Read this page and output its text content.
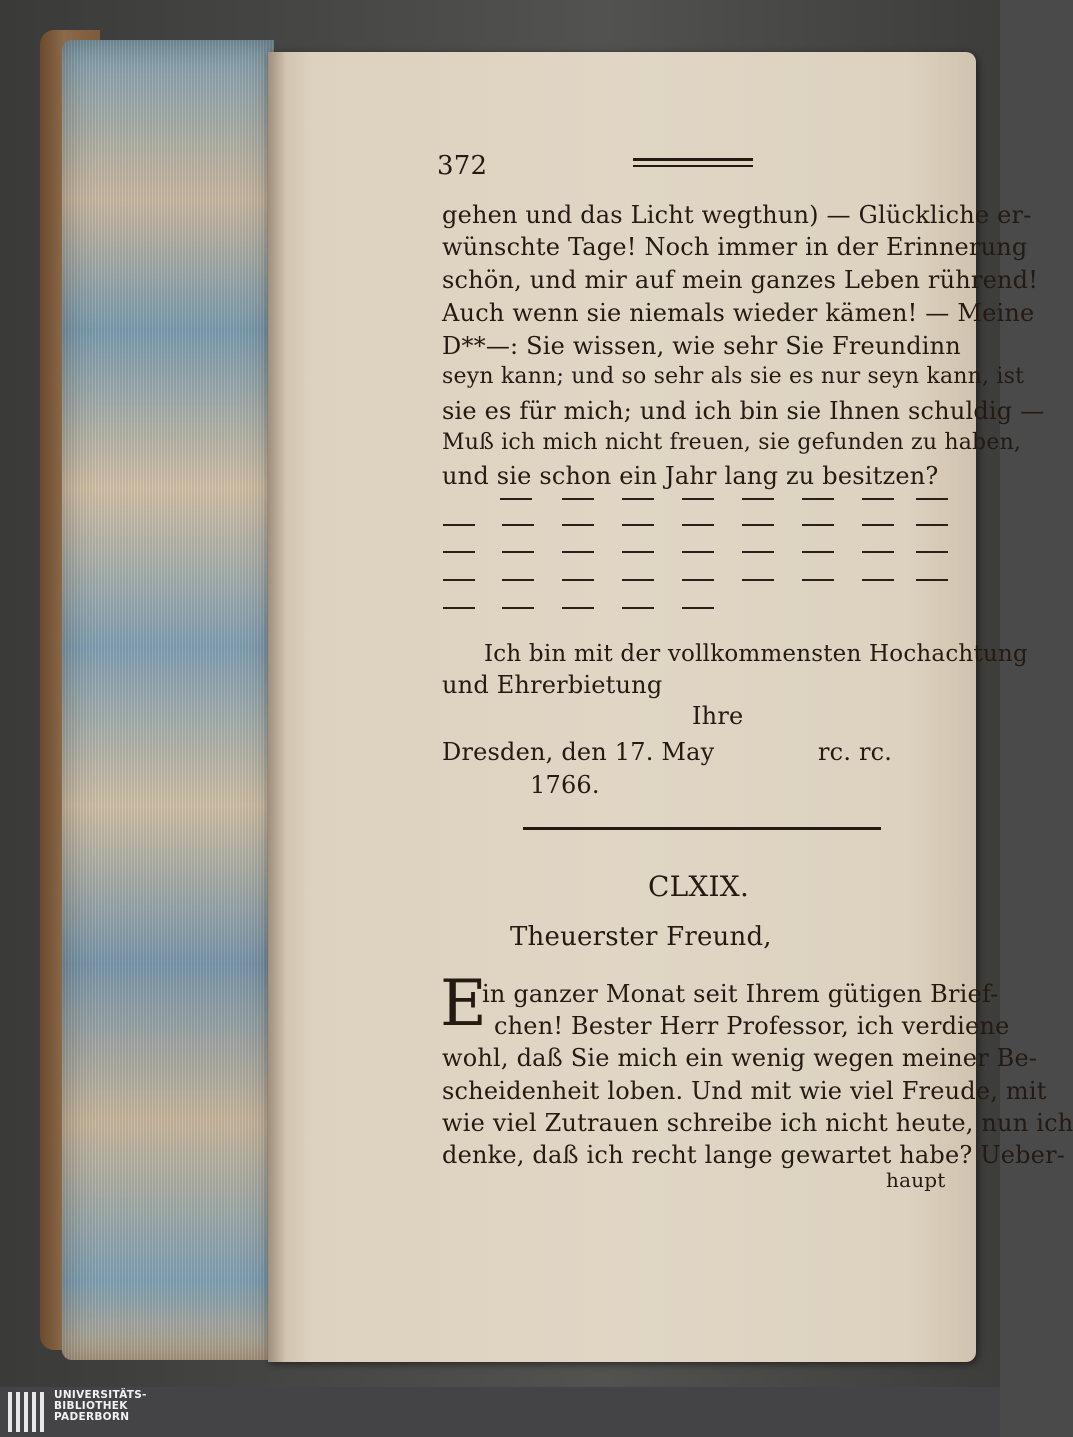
372
gehen und das Licht wegthun) — Glückliche er-
wünschte Tage! Noch immer in der Erinnerung
schön, und mir auf mein ganzes Leben rührend!
Auch wenn sie niemals wieder kämen! — Meine
D**—: Sie wissen, wie sehr Sie Freundinn
seyn kann; und so sehr als sie es nur seyn kann, ist
sie es für mich; und ich bin sie Ihnen schuldig —
Muß ich mich nicht freuen, sie gefunden zu haben,
und sie schon ein Jahr lang zu besitzen?
Ich bin mit der vollkommensten Hochachtung
und Ehrerbietung
Ihre
Dresden, den 17. May	rc. rc.
1766.
CLXIX.
Theuerster Freund,
E
in ganzer Monat seit Ihrem gütigen Brief-
chen! Bester Herr Professor, ich verdiene
wohl, daß Sie mich ein wenig wegen meiner Be-
scheidenheit loben. Und mit wie viel Freude, mit
wie viel Zutrauen schreibe ich nicht heute, nun ich
denke, daß ich recht lange gewartet habe? Ueber-
haupt
UNIVERSITÄTS-
BIBLIOTHEK
PADERBORN
